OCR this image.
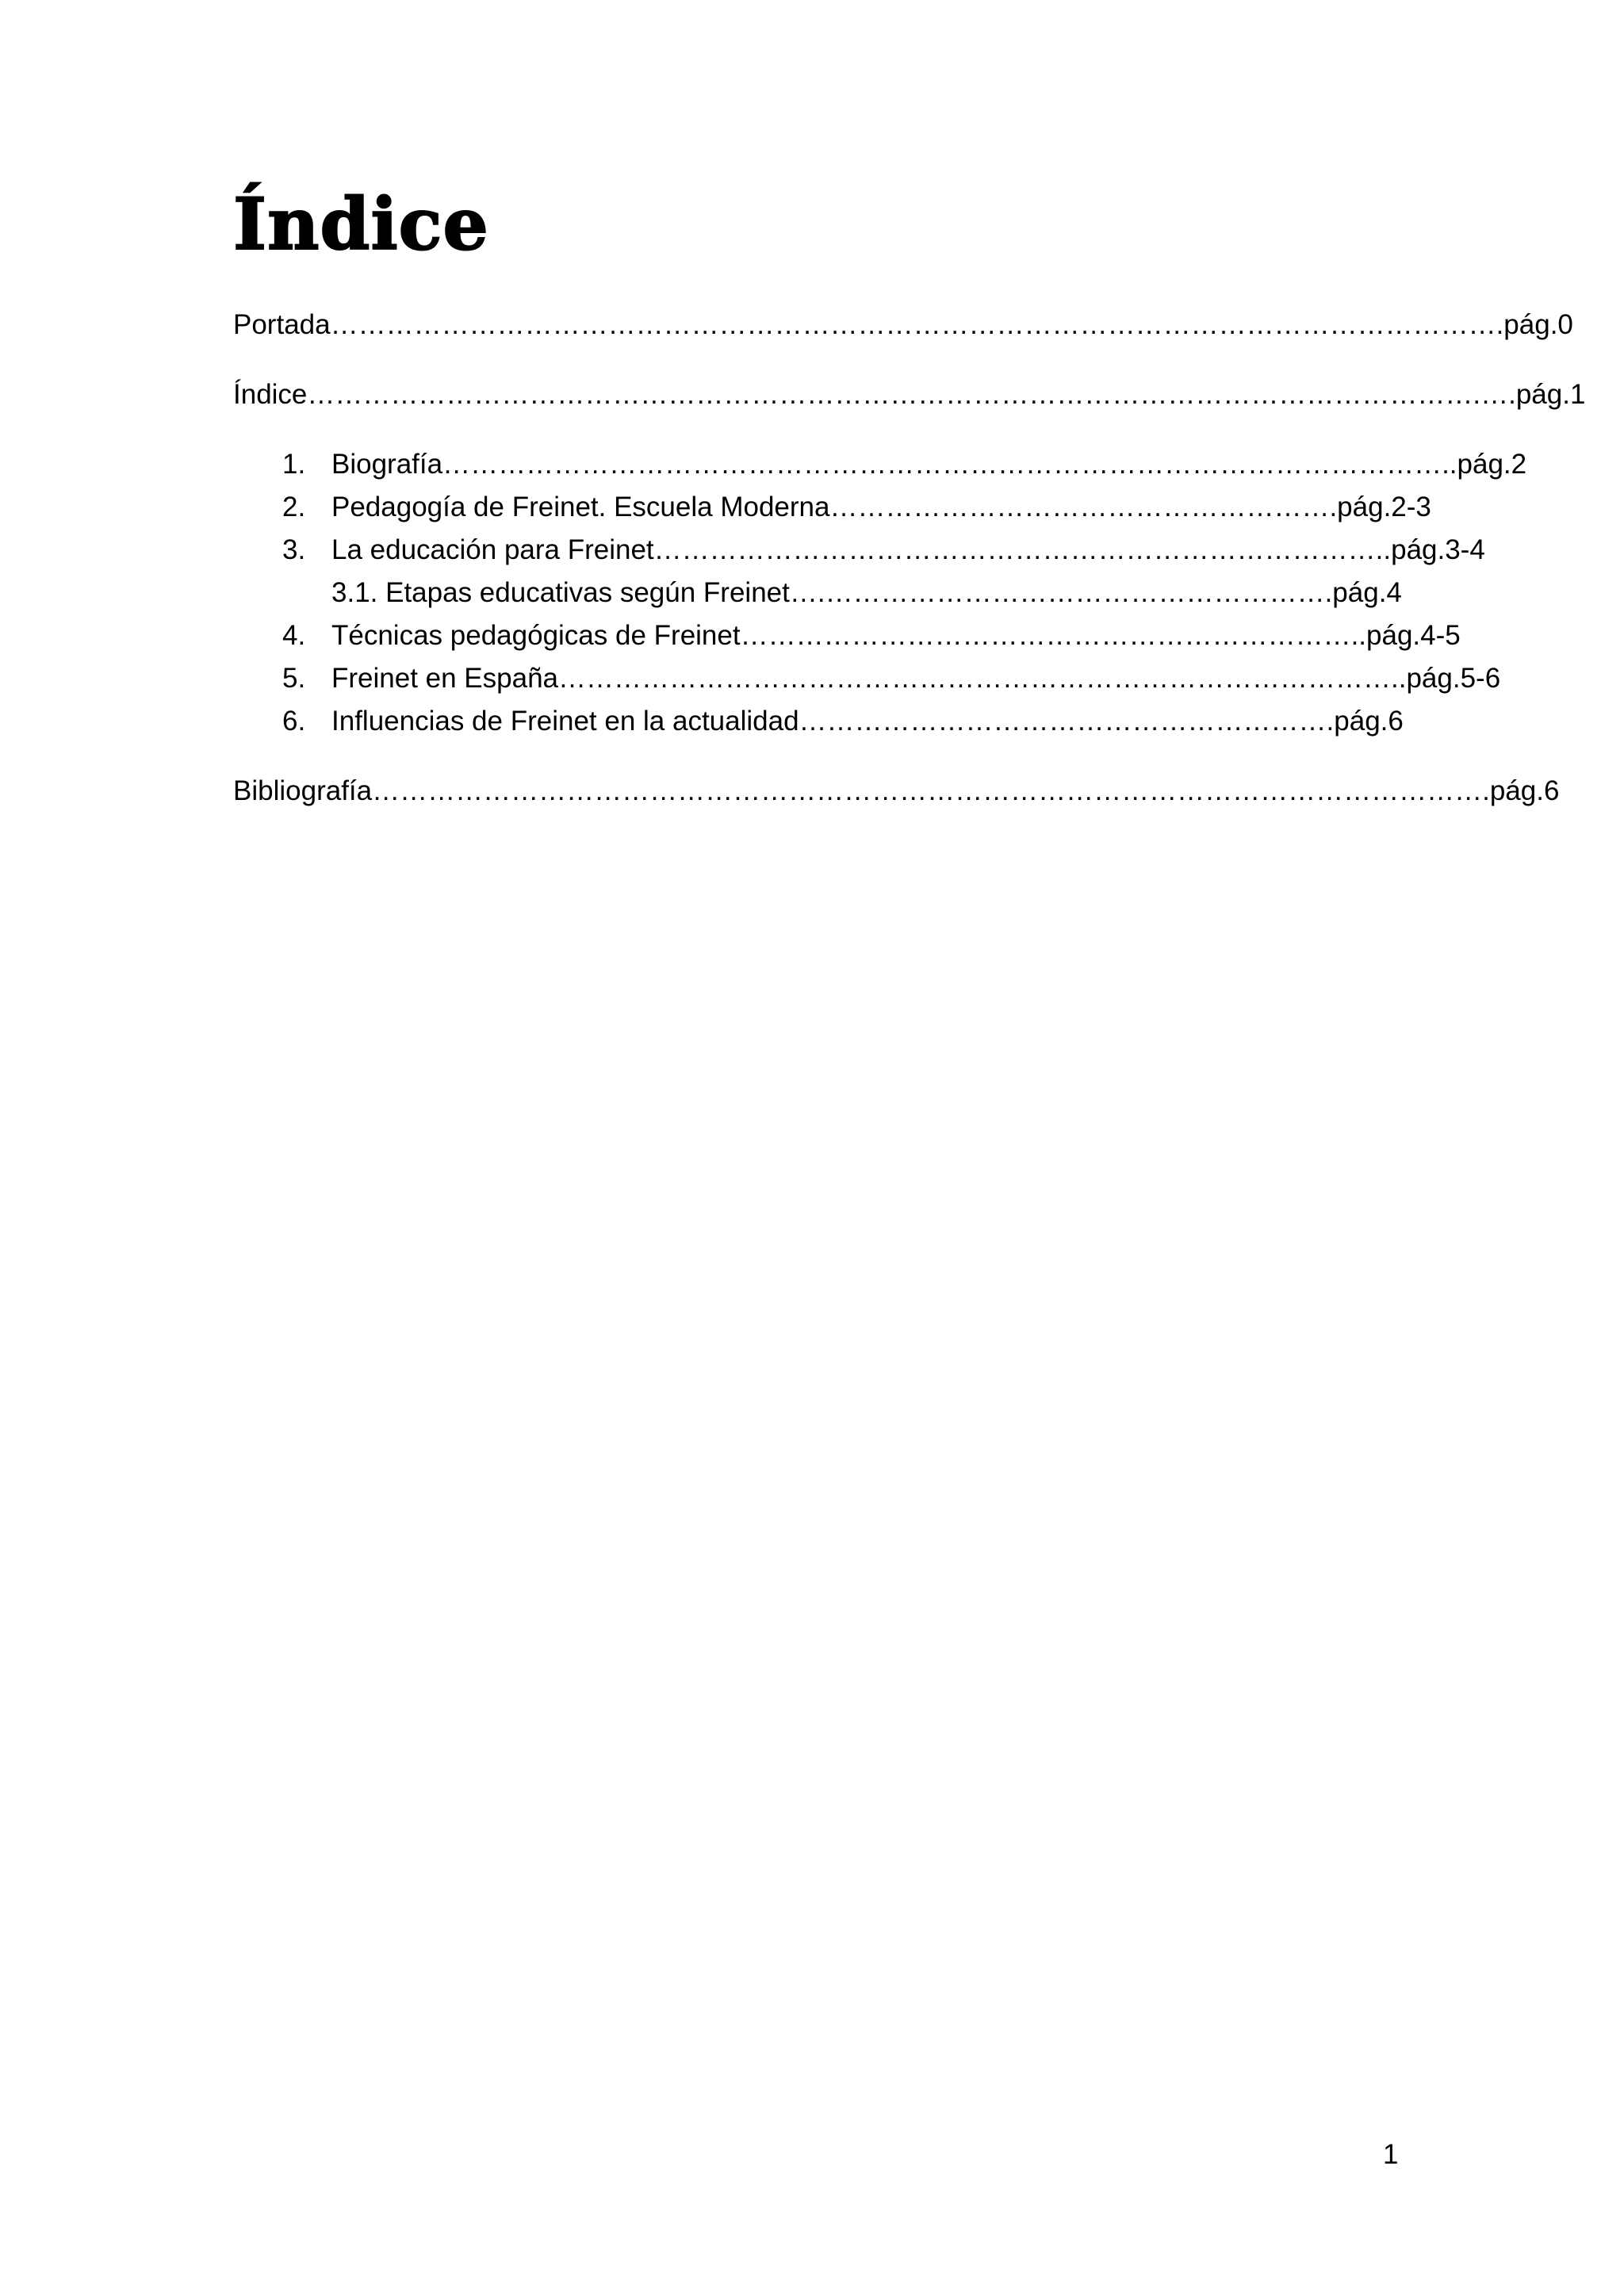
Índice
Portada……………………………………………………………………………………………………………….pág.0
Índice……………………………………………………………………………………………………………….….pág.1
1. Biografía………………………………………………………………………………………………..pág.2
2. Pedagogía de Freinet. Escuela Moderna……………………………………………….pág.2-3
3. La educación para Freinet……………………………………………………………………..pág.3-4
3.1. Etapas educativas según Freinet….……………………………………………….pág.4
4. Técnicas pedagógicas de Freinet…………………………………………………………..pág.4-5
5. Freinet en España………………………………………………………………………………..pág.5-6
6. Influencias de Freinet en la actualidad………………………………………………….pág.6
Bibliografía………………………………………………………………………………………………………….pág.6
1
